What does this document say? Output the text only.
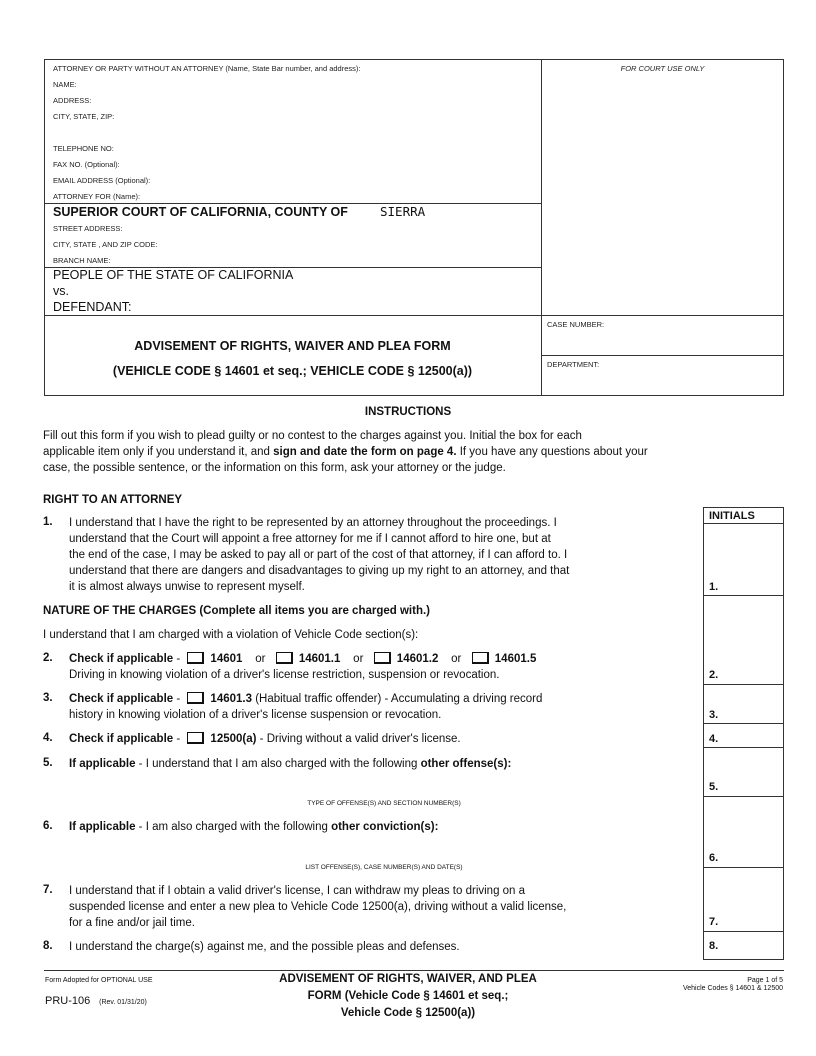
ATTORNEY OR PARTY WITHOUT AN ATTORNEY (Name, State Bar number, and address):	FOR COURT USE ONLY
NAME:
ADDRESS:
CITY, STATE, ZIP:
TELEPHONE NO:
FAX NO. (Optional):
EMAIL ADDRESS (Optional):
ATTORNEY FOR (Name):
SUPERIOR COURT OF CALIFORNIA, COUNTY OF	SIERRA
STREET ADDRESS:
CITY, STATE , AND ZIP CODE:
BRANCH NAME:
PEOPLE OF THE STATE OF CALIFORNIA
vs.
DEFENDANT:
CASE NUMBER:
DEPARTMENT:
ADVISEMENT OF RIGHTS, WAIVER AND PLEA FORM
(VEHICLE CODE § 14601 et seq.; VEHICLE CODE § 12500(a))
INSTRUCTIONS
Fill out this form if you wish to plead guilty or no contest to the charges against you. Initial the box for each
applicable item only if you understand it, and sign and date the form on page 4. If you have any questions about your
case, the possible sentence, or the information on this form, ask your attorney or the judge.
RIGHT TO AN ATTORNEY
INITIALS
1.
2.
3.
4.
5.
6.
7.
8.
1. I understand that I have the right to be represented by an attorney throughout the proceedings. I
understand that the Court will appoint a free attorney for me if I cannot afford to hire one, but at
the end of the case, I may be asked to pay all or part of the cost of that attorney, if I can afford to. I
understand that there are dangers and disadvantages to giving up my right to an attorney, and that
it is almost always unwise to represent myself.
NATURE OF THE CHARGES (Complete all items you are charged with.)
I understand that I am charged with a violation of Vehicle Code section(s):
2. Check if applicable - 14601 or	14601.1 or	14601.2 or	14601.5
Driving in knowing violation of a driver's license restriction, suspension or revocation.
3. Check if applicable - 14601.3 (Habitual traffic offender) - Accumulating a driving record
history in knowing violation of a driver's license suspension or revocation.
4. Check if applicable - 12500(a) - Driving without a valid driver's license.
5. If applicable - I understand that I am also charged with the following other offense(s):
TYPE OF OFFENSE(S) AND SECTION NUMBER(S)
6. If applicable - I am also charged with the following other conviction(s):
LIST OFFENSE(S), CASE NUMBER(S) AND DATE(S)
7. I understand that if I obtain a valid driver's license, I can withdraw my pleas to driving on a
suspended license and enter a new plea to Vehicle Code 12500(a), driving without a valid license,
for a fine and/or jail time.
8. I understand the charge(s) against me, and the possible pleas and defenses.
Form Adopted for OPTIONAL USE
PRU-106 (Rev. 01/31/20)
ADVISEMENT OF RIGHTS, WAIVER, AND PLEA
FORM (Vehicle Code § 14601 et seq.;
Vehicle Code § 12500(a))
Page 1 of 5
Vehicle Codes § 14601 & 12500
